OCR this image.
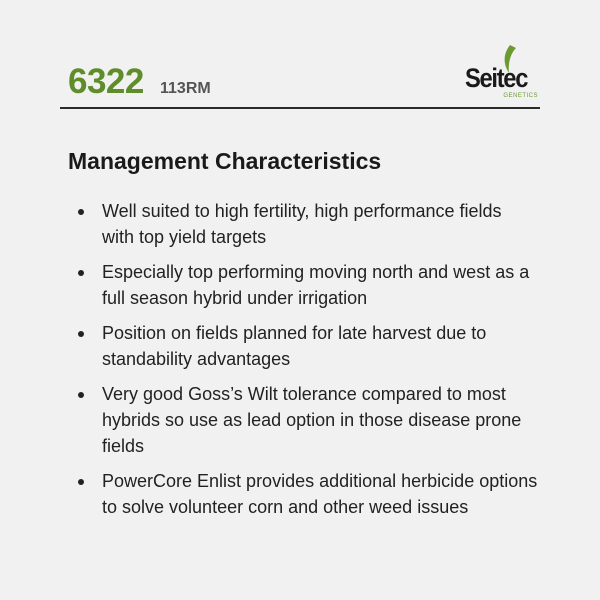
6322 113RM	Seitec
GENETICS
Management Characteristics
Well suited to high fertility, high performance fields with top yield targets
Especially top performing moving north and west as a full season hybrid under irrigation
Position on fields planned for late harvest due to standability advantages
Very good Goss’s Wilt tolerance compared to most hybrids so use as lead option in those disease prone fields
PowerCore Enlist provides additional herbicide options to solve volunteer corn and other weed issues
